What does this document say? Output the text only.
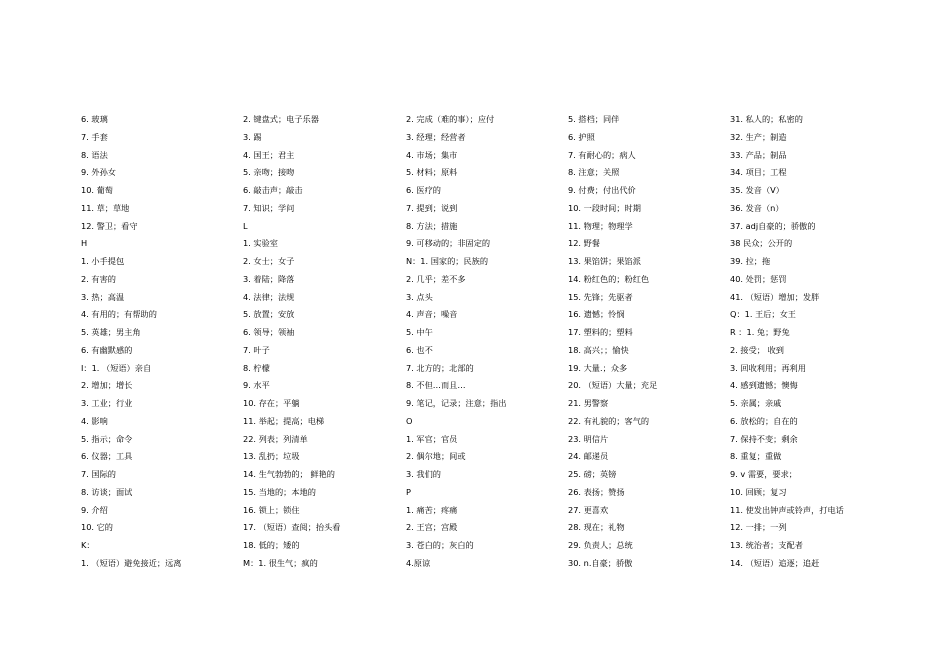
6. 玻璃
7. 手套
8. 语法
9. 外孙女
10. 葡萄
11. 草；草地
12. 警卫；看守
H
1. 小手提包
2. 有害的
3. 热；高温
4. 有用的；有帮助的
5. 英雄；男主角
6. 有幽默感的
I：1. （短语）亲自
2. 增加；增长
3. 工业；行业
4. 影响
5. 指示；命令
6. 仪器；工具
7. 国际的
8. 访谈；面试
9. 介绍
10. 它的
K：
1. （短语）避免接近；远离
2. 键盘式；电子乐器
3. 踢
4. 国王；君主
5. 亲吻；接吻
6. 敲击声；敲击
7. 知识；学问
L
1. 实验室
2. 女士；女子
3. 着陆；降落
4. 法律；法规
5. 放置；安放
6. 领导；领袖
7. 叶子
8. 柠檬
9. 水平
10. 存在；平躺
11. 举起；提高；电梯
22. 列表；列清单
13. 乱扔；垃圾
14. 生气勃勃的； 鲜艳的
15. 当地的；本地的
16. 锁上；锁住
17. （短语）查阅；抬头看
18. 低的；矮的
M：1. 很生气；疯的
2. 完成（难的事）；应付
3. 经理；经营者
4. 市场；集市
5. 材料；原料
6. 医疗的
7. 提到；说到
8. 方法；措施
9. 可移动的；非固定的
N：1. 国家的；民族的
2. 几乎；差不多
3. 点头
4. 声音；噪音
5. 中午
6. 也不
7. 北方的；北部的
8. 不但…而且…
9. 笔记，记录；注意；指出
O
1. 军官；官员
2. 偶尔地；间或
3. 我们的
P
1. 痛苦；疼痛
2. 王宫；宫殿
3. 苍白的；灰白的
4.原谅
5. 搭档；同伴
6. 护照
7. 有耐心的；病人
8. 注意；关照
9. 付费；付出代价
10. 一段时间；时期
11. 物理；物理学
12. 野餐
13. 果馅饼；果馅派
14. 粉红色的；粉红色
15. 先锋；先驱者
16. 遗憾；怜悯
17. 塑料的；塑料
18. 高兴；；愉快
19. 大量.；众多
20. （短语）大量；充足
21. 男警察
22. 有礼貌的；客气的
23. 明信片
24. 邮递员
25. 磅；英镑
26. 表扬；赞扬
27. 更喜欢
28. 现在；礼物
29. 负责人；总统
30. n.自豪；骄傲
31. 私人的；私密的
32. 生产；制造
33. 产品；制品
34. 项目；工程
35. 发音（V）
36. 发音（n）
37. adj自豪的；骄傲的
38 民众；公开的
39. 拉；拖
40. 处罚；惩罚
41. （短语）增加；发胖
Q：1. 王后；女王
R ：1. 兔；野兔
2. 接受； 收到
3. 回收利用；再利用
4. 感到遗憾；懊悔
5. 亲属；亲戚
6. 放松的；自在的
7. 保持不变；剩余
8. 重复；重做
9. v 需要，要求；
10. 回顾；复习
11. 使发出钟声或铃声，打电话
12. 一排；一列
13. 统治者；支配者
14. （短语）追逐；追赶
